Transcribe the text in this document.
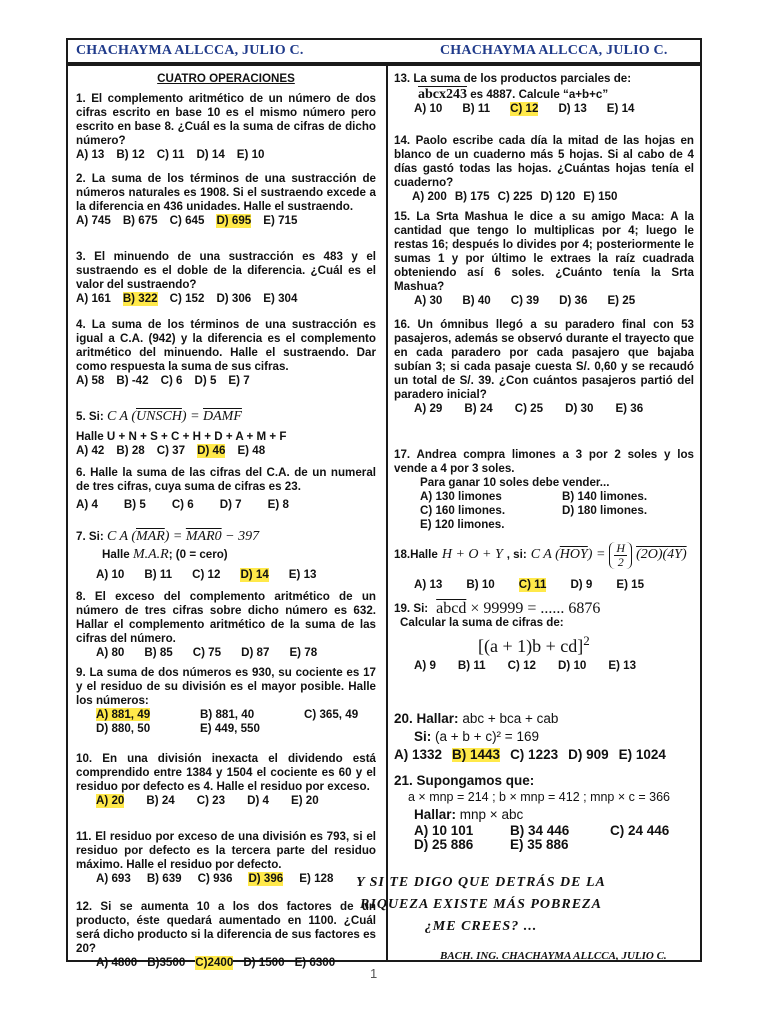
CHACHAYMA ALLCCA, JULIO C.	CHACHAYMA ALLCCA, JULIO C.
CUATRO OPERACIONES
1. El complemento aritmético de un número de dos cifras escrito en base 10 es el mismo número pero escrito en base 8. ¿Cuál es la suma de cifras de dicho número?
A) 13 B) 12 C) 11 D) 14 E) 10
2. La suma de los términos de una sustracción de números naturales es 1908. Si el sustraendo excede a la diferencia en 436 unidades. Halle el sustraendo.
A) 745 B) 675 C) 645 D) 695 E) 715
3. El minuendo de una sustracción es 483 y el sustraendo es el doble de la diferencia. ¿Cuál es el valor del sustraendo?
A) 161 B) 322 C) 152 D) 306 E) 304
4. La suma de los términos de una sustracción es igual a C.A. (942) y la diferencia es el complemento aritmético del minuendo. Halle el sustraendo. Dar como respuesta la suma de sus cifras.
A) 58 B) -42 C) 6 D) 5 E) 7
5. Si: C A (UNSCH) = DAMF
Halle U + N + S + C + H + D + A + M + F
A) 42 B) 28 C) 37 D) 46 E) 48
6. Halle la suma de las cifras del C.A. de un numeral de tres cifras, cuya suma de cifras es 23.
A) 4 B) 5 C) 6 D) 7 E) 8
7. Si: C A $(\overline{MAR}) = MAR0 - 397$
Halle M.A.R; (0 = cero)
A) 10 B) 11 C) 12 D) 14 E) 13
8. El exceso del complemento aritmético de un número de tres cifras sobre dicho número es 632. Hallar el complemento aritmético de la suma de las cifras del número.
A) 80 B) 85 C) 75 D) 87 E) 78
9. La suma de dos números es 930, su cociente es 17 y el residuo de su división es el mayor posible. Halle los números:
A) 881, 49	B) 881, 40	C) 365, 49
D) 880, 50	E) 449, 550
10. En una división inexacta el dividendo está comprendido entre 1384 y 1504 el cociente es 60 y el residuo por defecto es 4. Halle el residuo por exceso.
A) 20 B) 24 C) 23 D) 4 E) 20
11. El residuo por exceso de una división es 793, si el residuo por defecto es la tercera parte del residuo máximo. Halle el residuo por defecto.
A) 693 B) 639 C) 936 D) 396 E) 128
12. Si se aumenta 10 a los dos factores de un producto, éste quedará aumentado en 1100. ¿Cuál será dicho producto si la diferencia de sus factores es 20?
A) 4800 B)3500 C)2400 D) 1500 E) 6300
13. La suma de los productos parciales de:
abcx243 es 4887. Calcule “a+b+c”
A) 10 B) 11 C) 12 D) 13 E) 14
14. Paolo escribe cada día la mitad de las hojas en blanco de un cuaderno más 5 hojas. Si al cabo de 4 días gastó todas las hojas. ¿Cuántas hojas tenía el cuaderno?
A) 200 B) 175 C) 225 D) 120 E) 150
15. La Srta Mashua le dice a su amigo Maca: A la cantidad que tengo lo multiplicas por 4; luego le restas 16; después lo divides por 4; posteriormente le sumas 1 y por último le extraes la raíz cuadrada obteniendo así 6 soles. ¿Cuánto tenía la Srta Mashua?
A) 30 B) 40 C) 39 D) 36 E) 25
16. Un ómnibus llegó a su paradero final con 53 pasajeros, además se observó durante el trayecto que en cada paradero por cada pasajero que bajaba subían 3; si cada pasaje cuesta S/. 0,60 y se recaudó un total de S/. 39. ¿Con cuántos pasajeros partió del paradero inicial?
A) 29 B) 24 C) 25 D) 30 E) 36
17. Andrea compra limones a 3 por 2 soles y los vende a 4 por 3 soles.
Para ganar 10 soles debe vender...
A) 130 limones	B) 140 limones.
C) 160 limones.	D) 180 limones.
E) 120 limones.
18.Halle H + O + Y , si: C A $(\overline{HOY}) = \frac{H}{2} (2O)(4Y)$
A) 13 B) 10 C) 11 D) 9 E) 15
19. Si: abcd × 99999 = ...... 6876
Calcular la suma de cifras de:
[(a + 1)b + cd]$^2$
A) 9 B) 11 C) 12 D) 10 E) 13
20. Hallar: abc + bca + cab
Si: (a + b + c)² = 169
A) 1332 B) 1443 C) 1223 D) 909 E) 1024
21. Supongamos que:
a × mnp = 214 ; b × mnp = 412 ; mnp × c = 366
Hallar: mnp × abc
A) 10 101	B) 34 446	C) 24 446
D) 25 886	E) 35 886
Y SI TE DIGO QUE DETRÁS DE LA
RIQUEZA EXISTE MÁS POBREZA
¿ME CREES? ...
BACH. ING. CHACHAYMA ALLCCA, JULIO C.
1
